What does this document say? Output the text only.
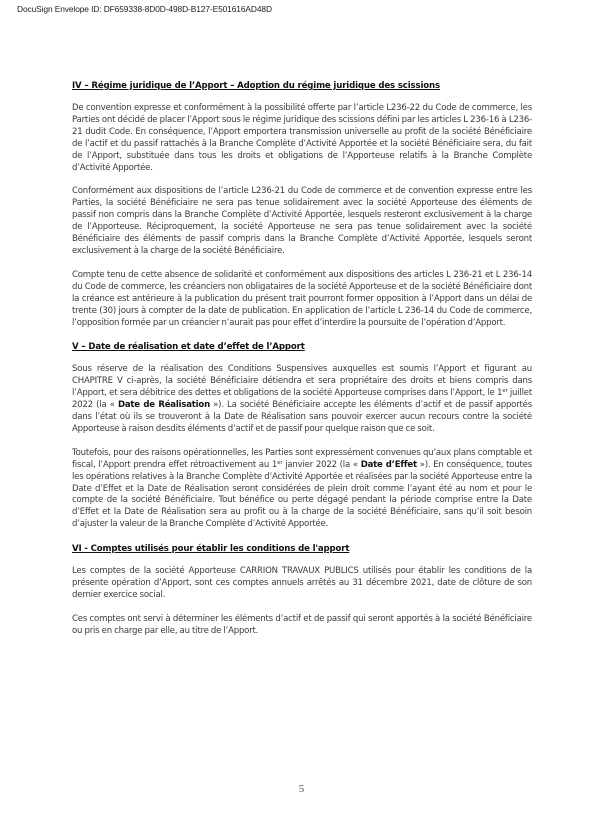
DocuSign Envelope ID: DF659338-8D0D-498D-B127-E501616AD48D
IV – Régime juridique de l’Apport – Adoption du régime juridique des scissions

De convention expresse et conformément à la possibilité offerte par l’article L236-22 du Code de commerce, les Parties ont décidé de placer l’Apport sous le régime juridique des scissions défini par les articles L 236-16 à L236-21 dudit Code. En conséquence, l’Apport emportera transmission universelle au profit de la société Bénéficiaire de l’actif et du passif rattachés à la Branche Complète d’Activité Apportée et la société Bénéficiaire sera, du fait de l’Apport, substituée dans tous les droits et obligations de l’Apporteuse relatifs à la Branche Complète d’Activité Apportée.

Conformément aux dispositions de l’article L236-21 du Code de commerce et de convention expresse entre les Parties, la société Bénéficiaire ne sera pas tenue solidairement avec la société Apporteuse des éléments de passif non compris dans la Branche Complète d’Activité Apportée, lesquels resteront exclusivement à la charge de l’Apporteuse. Réciproquement, la société Apporteuse ne sera pas tenue solidairement avec la société Bénéficiaire des éléments de passif compris dans la Branche Complète d’Activité Apportée, lesquels seront exclusivement à la charge de la société Bénéficiaire.

Compte tenu de cette absence de solidarité et conformément aux dispositions des articles L 236-21 et L 236-14 du Code de commerce, les créanciers non obligataires de la société Apporteuse et de la société Bénéficiaire dont la créance est antérieure à la publication du présent trait pourront former opposition à l’Apport dans un délai de trente (30) jours à compter de la date de publication. En application de l’article L 236-14 du Code de commerce, l’opposition formée par un créancier n’aurait pas pour effet d’interdire la poursuite de l’opération d’Apport.

V – Date de réalisation et date d’effet de l’Apport

Sous réserve de la réalisation des Conditions Suspensives auxquelles est soumis l’Apport et figurant au CHAPITRE V ci-après, la société Bénéficiaire détiendra et sera propriétaire des droits et biens compris dans l’Apport, et sera débitrice des dettes et obligations de la société Apporteuse comprises dans l’Apport, le 1er juillet 2022 (la « Date de Réalisation »). La société Bénéficiaire accepte les éléments d’actif et de passif apportés dans l’état où ils se trouveront à la Date de Réalisation sans pouvoir exercer aucun recours contre la société Apporteuse à raison desdits éléments d’actif et de passif pour quelque raison que ce soit.

Toutefois, pour des raisons opérationnelles, les Parties sont expressément convenues qu’aux plans comptable et fiscal, l’Apport prendra effet rétroactivement au 1er janvier 2022 (la « Date d’Effet »). En conséquence, toutes les opérations relatives à la Branche Complète d’Activité Apportée et réalisées par la société Apporteuse entre la Date d’Effet et la Date de Réalisation seront considérées de plein droit comme l’ayant été au nom et pour le compte de la société Bénéficiaire. Tout bénéfice ou perte dégagé pendant la période comprise entre la Date d’Effet et la Date de Réalisation sera au profit ou à la charge de la société Bénéficiaire, sans qu’il soit besoin d’ajuster la valeur de la Branche Complète d’Activité Apportée.

VI - Comptes utilisés pour établir les conditions de l'apport

Les comptes de la société Apporteuse CARRION TRAVAUX PUBLICS utilisés pour établir les conditions de la présente opération d’Apport, sont ces comptes annuels arrêtés au 31 décembre 2021, date de clôture de son dernier exercice social.

Ces comptes ont servi à déterminer les éléments d’actif et de passif qui seront apportés à la société Bénéficiaire ou pris en charge par elle, au titre de l’Apport.

5
